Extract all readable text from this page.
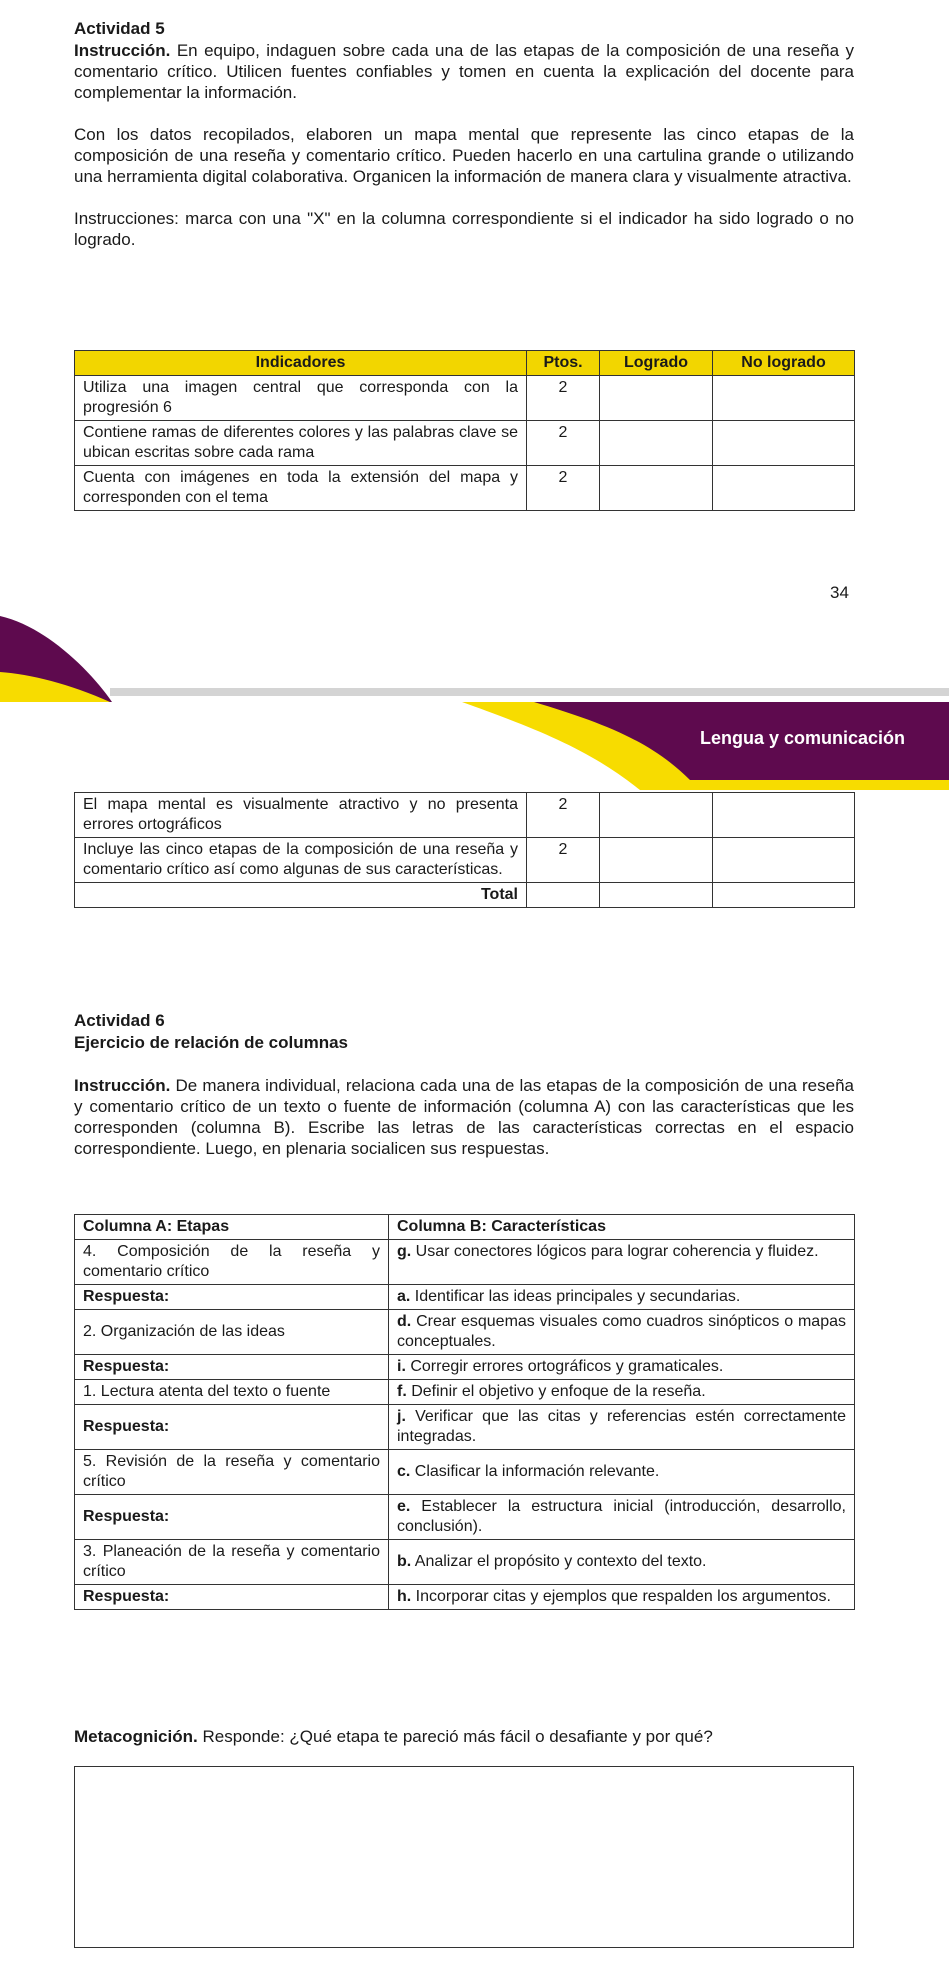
Actividad 5

Instrucción. En equipo, indaguen sobre cada una de las etapas de la composición de una reseña y comentario crítico. Utilicen fuentes confiables y tomen en cuenta la explicación del docente para complementar la información.

Con los datos recopilados, elaboren un mapa mental que represente las cinco etapas de la composición de una reseña y comentario crítico. Pueden hacerlo en una cartulina grande o utilizando una herramienta digital colaborativa. Organicen la información de manera clara y visualmente atractiva.

Instrucciones: marca con una "X" en la columna correspondiente si el indicador ha sido logrado o no logrado.

Indicadores	Ptos.	Logrado	No logrado
Utiliza una imagen central que corresponda con la progresión 6	2		
Contiene ramas de diferentes colores y las palabras clave se ubican escritas sobre cada rama	2		
Cuenta con imágenes en toda la extensión del mapa y corresponden con el tema	2		
34
Lengua y comunicación
El mapa mental es visualmente atractivo y no presenta errores ortográficos	2		
Incluye las cinco etapas de la composición de una reseña y comentario crítico así como algunas de sus características.	2		
Total			

Actividad 6

Ejercicio de relación de columnas

Instrucción. De manera individual, relaciona cada una de las etapas de la composición de una reseña y comentario crítico de un texto o fuente de información (columna A) con las características que les corresponden (columna B). Escribe las letras de las características correctas en el espacio correspondiente. Luego, en plenaria socialicen sus respuestas.

Columna A: Etapas	Columna B: Características
4. Composición de la reseña y comentario crítico	g. Usar conectores lógicos para lograr coherencia y fluidez.
Respuesta:	a. Identificar las ideas principales y secundarias.
2. Organización de las ideas	d. Crear esquemas visuales como cuadros sinópticos o mapas conceptuales.
Respuesta:	i. Corregir errores ortográficos y gramaticales.
1. Lectura atenta del texto o fuente	f. Definir el objetivo y enfoque de la reseña.
Respuesta:	j. Verificar que las citas y referencias estén correctamente integradas.
5. Revisión de la reseña y comentario crítico	c. Clasificar la información relevante.
Respuesta:	e. Establecer la estructura inicial (introducción, desarrollo, conclusión).
3. Planeación de la reseña y comentario crítico	b. Analizar el propósito y contexto del texto.
Respuesta:	h. Incorporar citas y ejemplos que respalden los argumentos.

Metacognición. Responde: ¿Qué etapa te pareció más fácil o desafiante y por qué?
